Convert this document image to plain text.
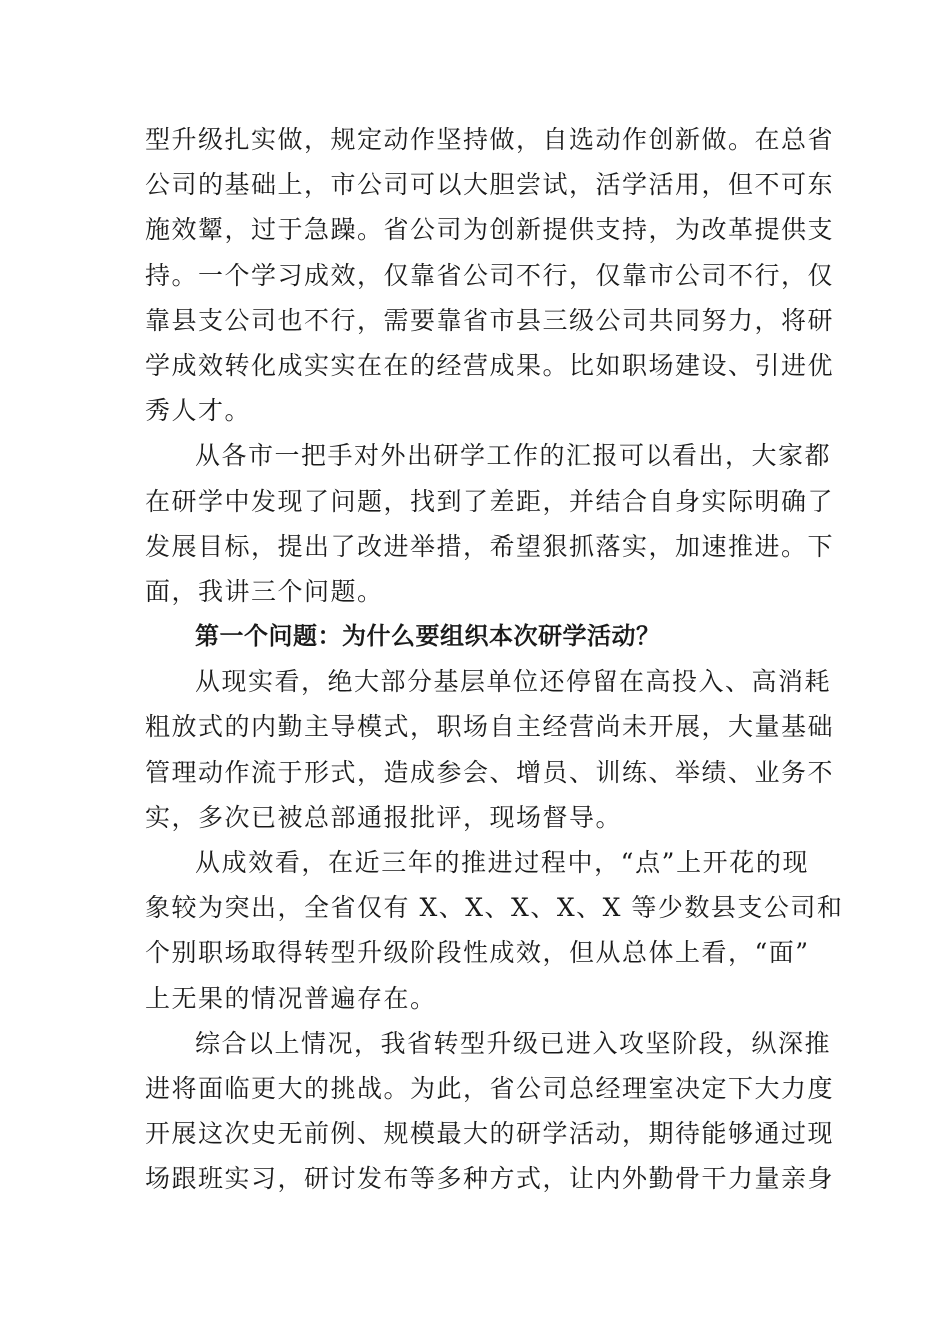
型升级扎实做，规定动作坚持做，自选动作创新做。在总省
公司的基础上，市公司可以大胆尝试，活学活用，但不可东
施效颦，过于急躁。省公司为创新提供支持，为改革提供支
持。一个学习成效，仅靠省公司不行，仅靠市公司不行，仅
靠县支公司也不行，需要靠省市县三级公司共同努力，将研
学成效转化成实实在在的经营成果。比如职场建设、引进优
秀人才。
从各市一把手对外出研学工作的汇报可以看出，大家都
在研学中发现了问题，找到了差距，并结合自身实际明确了
发展目标，提出了改进举措，希望狠抓落实，加速推进。下
面，我讲三个问题。
第一个问题：为什么要组织本次研学活动？
从现实看，绝大部分基层单位还停留在高投入、高消耗
粗放式的内勤主导模式，职场自主经营尚未开展，大量基础
管理动作流于形式，造成参会、增员、训练、举绩、业务不
实，多次已被总部通报批评，现场督导。
从成效看，在近三年的推进过程中，“点”上开花的现
象较为突出，全省仅有 X、X、X、X、X 等少数县支公司和
个别职场取得转型升级阶段性成效，但从总体上看，“面”
上无果的情况普遍存在。
综合以上情况，我省转型升级已进入攻坚阶段，纵深推
进将面临更大的挑战。为此，省公司总经理室决定下大力度
开展这次史无前例、规模最大的研学活动，期待能够通过现
场跟班实习，研讨发布等多种方式，让内外勤骨干力量亲身
